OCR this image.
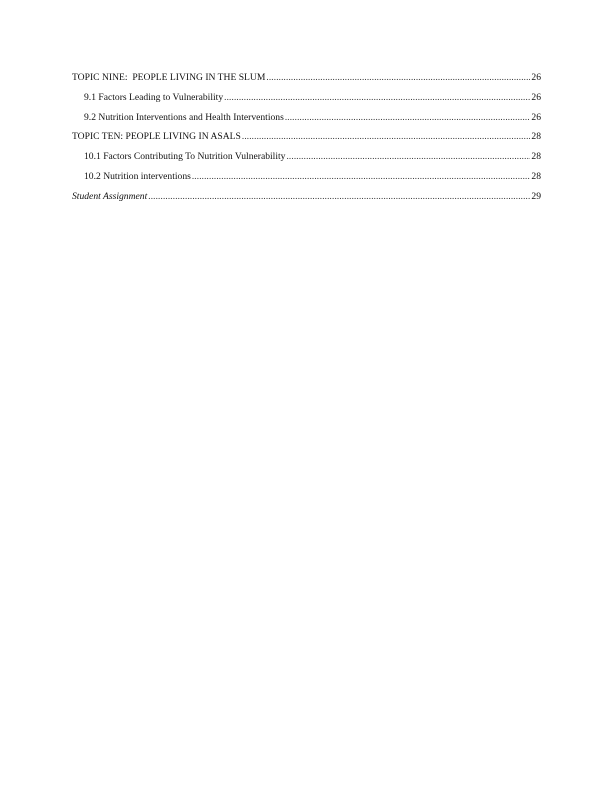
TOPIC NINE:  PEOPLE LIVING IN THE SLUM .....	26
9.1 Factors Leading to Vulnerability .....	26
9.2 Nutrition Interventions and Health Interventions .....	26
TOPIC TEN: PEOPLE LIVING IN ASALS .....	28
10.1 Factors Contributing To Nutrition Vulnerability .....	28
10.2 Nutrition interventions .....	28
Student Assignment .....	29
